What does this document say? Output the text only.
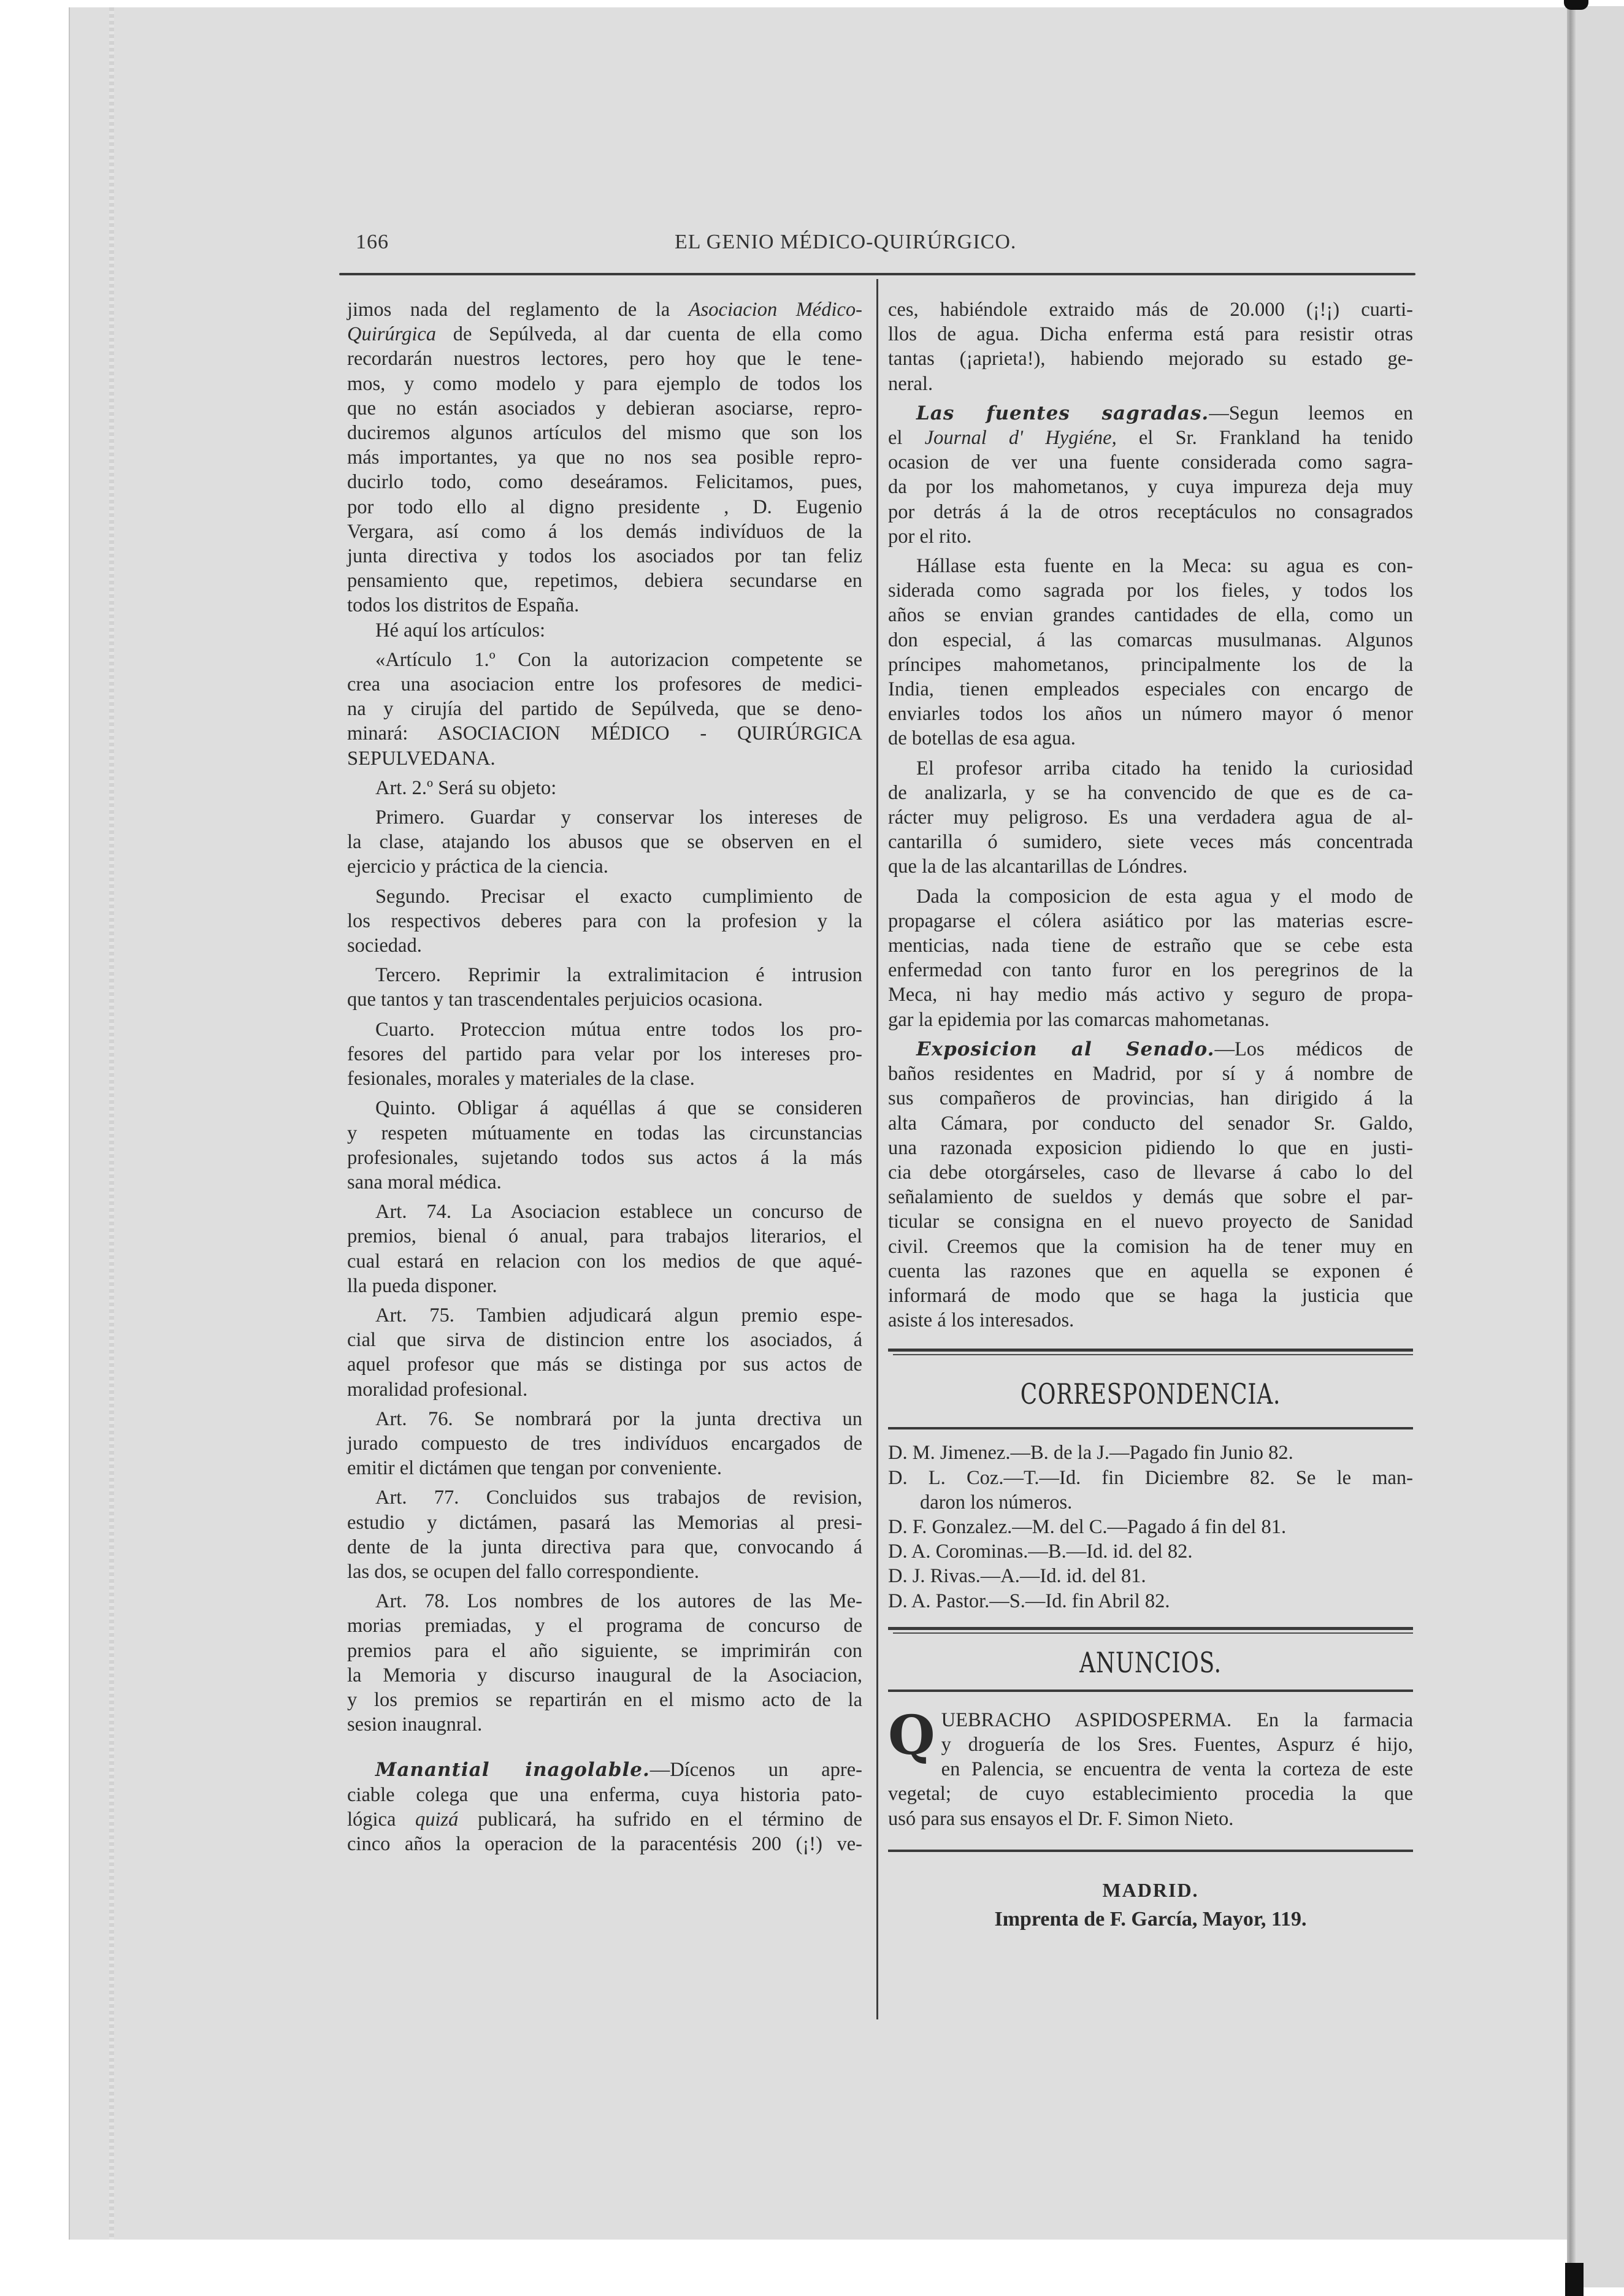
166	EL GENIO MÉDICO-QUIRÚRGICO.
jimos nada del reglamento de la Asociacion Médico-
Quirúrgica de Sepúlveda, al dar cuenta de ella como
recordarán nuestros lectores, pero hoy que le tene-
mos, y como modelo y para ejemplo de todos los
que no están asociados y debieran asociarse, repro-
duciremos algunos artículos del mismo que son los
más importantes, ya que no nos sea posible repro-
ducirlo todo, como deseáramos. Felicitamos, pues,
por todo ello al digno presidente , D. Eugenio
Vergara, así como á los demás indivíduos de la
junta directiva y todos los asociados por tan feliz
pensamiento que, repetimos, debiera secundarse en
todos los distritos de España.
Hé aquí los artículos:
«Artículo 1.º Con la autorizacion competente se
crea una asociacion entre los profesores de medici-
na y cirujía del partido de Sepúlveda, que se deno-
minará: ASOCIACION MÉDICO - QUIRÚRGICA
SEPULVEDANA.
Art. 2.º Será su objeto:
Primero. Guardar y conservar los intereses de
la clase, atajando los abusos que se observen en el
ejercicio y práctica de la ciencia.
Segundo. Precisar el exacto cumplimiento de
los respectivos deberes para con la profesion y la
sociedad.
Tercero. Reprimir la extralimitacion é intrusion
que tantos y tan trascendentales perjuicios ocasiona.
Cuarto. Proteccion mútua entre todos los pro-
fesores del partido para velar por los intereses pro-
fesionales, morales y materiales de la clase.
Quinto. Obligar á aquéllas á que se consideren
y respeten mútuamente en todas las circunstancias
profesionales, sujetando todos sus actos á la más
sana moral médica.
Art. 74. La Asociacion establece un concurso de
premios, bienal ó anual, para trabajos literarios, el
cual estará en relacion con los medios de que aqué-
lla pueda disponer.
Art. 75. Tambien adjudicará algun premio espe-
cial que sirva de distincion entre los asociados, á
aquel profesor que más se distinga por sus actos de
moralidad profesional.
Art. 76. Se nombrará por la junta drectiva un
jurado compuesto de tres indivíduos encargados de
emitir el dictámen que tengan por conveniente.
Art. 77. Concluidos sus trabajos de revision,
estudio y dictámen, pasará las Memorias al presi-
dente de la junta directiva para que, convocando á
las dos, se ocupen del fallo correspondiente.
Art. 78. Los nombres de los autores de las Me-
morias premiadas, y el programa de concurso de
premios para el año siguiente, se imprimirán con
la Memoria y discurso inaugural de la Asociacion,
y los premios se repartirán en el mismo acto de la
sesion inaugnral.
Manantial inagolable.—Dícenos un apre-
ciable colega que una enferma, cuya historia pato-
lógica quizá publicará, ha sufrido en el término de
cinco años la operacion de la paracentésis 200 (¡!) ve-
ces, habiéndole extraido más de 20.000 (¡!¡) cuarti-
llos de agua. Dicha enferma está para resistir otras
tantas (¡aprieta!), habiendo mejorado su estado ge-
neral.
Las fuentes sagradas.—Segun leemos en
el Journal d' Hygiéne, el Sr. Frankland ha tenido
ocasion de ver una fuente considerada como sagra-
da por los mahometanos, y cuya impureza deja muy
por detrás á la de otros receptáculos no consagrados
por el rito.
Hállase esta fuente en la Meca: su agua es con-
siderada como sagrada por los fieles, y todos los
años se envian grandes cantidades de ella, como un
don especial, á las comarcas musulmanas. Algunos
príncipes mahometanos, principalmente los de la
India, tienen empleados especiales con encargo de
enviarles todos los años un número mayor ó menor
de botellas de esa agua.
El profesor arriba citado ha tenido la curiosidad
de analizarla, y se ha convencido de que es de ca-
rácter muy peligroso. Es una verdadera agua de al-
cantarilla ó sumidero, siete veces más concentrada
que la de las alcantarillas de Lóndres.
Dada la composicion de esta agua y el modo de
propagarse el cólera asiático por las materias escre-
menticias, nada tiene de estraño que se cebe esta
enfermedad con tanto furor en los peregrinos de la
Meca, ni hay medio más activo y seguro de propa-
gar la epidemia por las comarcas mahometanas.
Exposicion al Senado.—Los médicos de
baños residentes en Madrid, por sí y á nombre de
sus compañeros de provincias, han dirigido á la
alta Cámara, por conducto del senador Sr. Galdo,
una razonada exposicion pidiendo lo que en justi-
cia debe otorgárseles, caso de llevarse á cabo lo del
señalamiento de sueldos y demás que sobre el par-
ticular se consigna en el nuevo proyecto de Sanidad
civil. Creemos que la comision ha de tener muy en
cuenta las razones que en aquella se exponen é
informará de modo que se haga la justicia que
asiste á los interesados.
CORRESPONDENCIA.
D. M. Jimenez.—B. de la J.—Pagado fin Junio 82.
D. L. Coz.—T.—Id. fin Diciembre 82. Se le man-
daron los números.
D. F. Gonzalez.—M. del C.—Pagado á fin del 81.
D. A. Corominas.—B.—Id. id. del 82.
D. J. Rivas.—A.—Id. id. del 81.
D. A. Pastor.—S.—Id. fin Abril 82.
ANUNCIOS.
Q UEBRACHO ASPIDOSPERMA. En la farmacia
y droguería de los Sres. Fuentes, Aspurz é hijo,
en Palencia, se encuentra de venta la corteza de este
vegetal; de cuyo establecimiento procedia la que
usó para sus ensayos el Dr. F. Simon Nieto.
MADRID.
Imprenta de F. García, Mayor, 119.
